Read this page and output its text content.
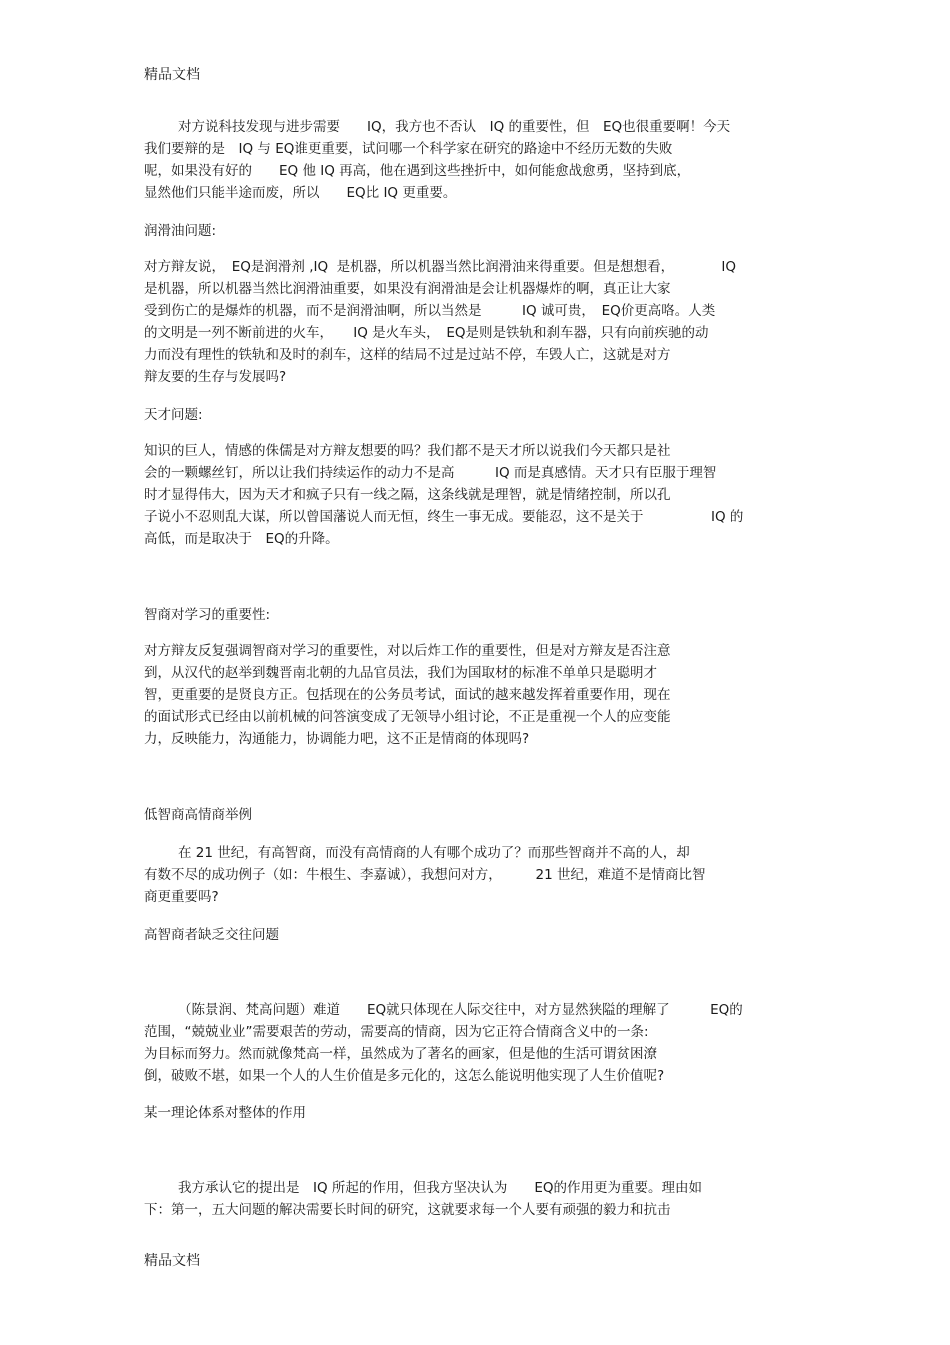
精品文档
对方说科技发现与进步需要　　IQ，我方也不否认　IQ 的重要性，但　EQ也很重要啊！今天
我们要辩的是　IQ 与 EQ谁更重要，试问哪一个科学家在研究的路途中不经历无数的失败
呢，如果没有好的　　EQ 他 IQ 再高，他在遇到这些挫折中，如何能愈战愈勇，坚持到底，
显然他们只能半途而废，所以　　EQ比 IQ 更重要。
润滑油问题:
对方辩友说，　EQ是润滑剂 ,IQ  是机器，所以机器当然比润滑油来得重要。但是想想看，　　　　IQ
是机器，所以机器当然比润滑油重要，如果没有润滑油是会让机器爆炸的啊，真正让大家
受到伤亡的是爆炸的机器，而不是润滑油啊，所以当然是　　　IQ 诚可贵，　EQ价更高咯。人类
的文明是一列不断前进的火车，　　IQ 是火车头，　EQ是则是铁轨和刹车器，只有向前疾驰的动
力而没有理性的铁轨和及时的刹车，这样的结局不过是过站不停，车毁人亡，这就是对方
辩友要的生存与发展吗?
天才问题:
知识的巨人，情感的侏儒是对方辩友想要的吗？我们都不是天才所以说我们今天都只是社
会的一颗螺丝钉，所以让我们持续运作的动力不是高　　　IQ 而是真感情。天才只有臣服于理智
时才显得伟大，因为天才和疯子只有一线之隔，这条线就是理智，就是情绪控制，所以孔
子说小不忍则乱大谋，所以曾国藩说人而无恒，终生一事无成。要能忍，这不是关于　　　　　IQ 的
高低，而是取决于　EQ的升降。
智商对学习的重要性:
对方辩友反复强调智商对学习的重要性，对以后炸工作的重要性，但是对方辩友是否注意
到，从汉代的赵举到魏晋南北朝的九品官员法，我们为国取材的标准不单单只是聪明才
智，更重要的是贤良方正。包括现在的公务员考试，面试的越来越发挥着重要作用，现在
的面试形式已经由以前机械的问答演变成了无领导小组讨论，不正是重视一个人的应变能
力，反映能力，沟通能力，协调能力吧，这不正是情商的体现吗?
低智商高情商举例
在 21 世纪，有高智商，而没有高情商的人有哪个成功了？而那些智商并不高的人，却
有数不尽的成功例子（如：牛根生、李嘉诚），我想问对方，　　　21 世纪，难道不是情商比智
商更重要吗?
高智商者缺乏交往问题
（陈景润、梵高问题）难道　　EQ就只体现在人际交往中，对方显然狭隘的理解了　　　EQ的
范围，“兢兢业业”需要艰苦的劳动，需要高的情商，因为它正符合情商含义中的一条:
为目标而努力。然而就像梵高一样，虽然成为了著名的画家，但是他的生活可谓贫困潦
倒，破败不堪，如果一个人的人生价值是多元化的，这怎么能说明他实现了人生价值呢?
某一理论体系对整体的作用
我方承认它的提出是　IQ 所起的作用，但我方坚决认为　　EQ的作用更为重要。理由如
下：第一，五大问题的解决需要长时间的研究，这就要求每一个人要有顽强的毅力和抗击
精品文档
